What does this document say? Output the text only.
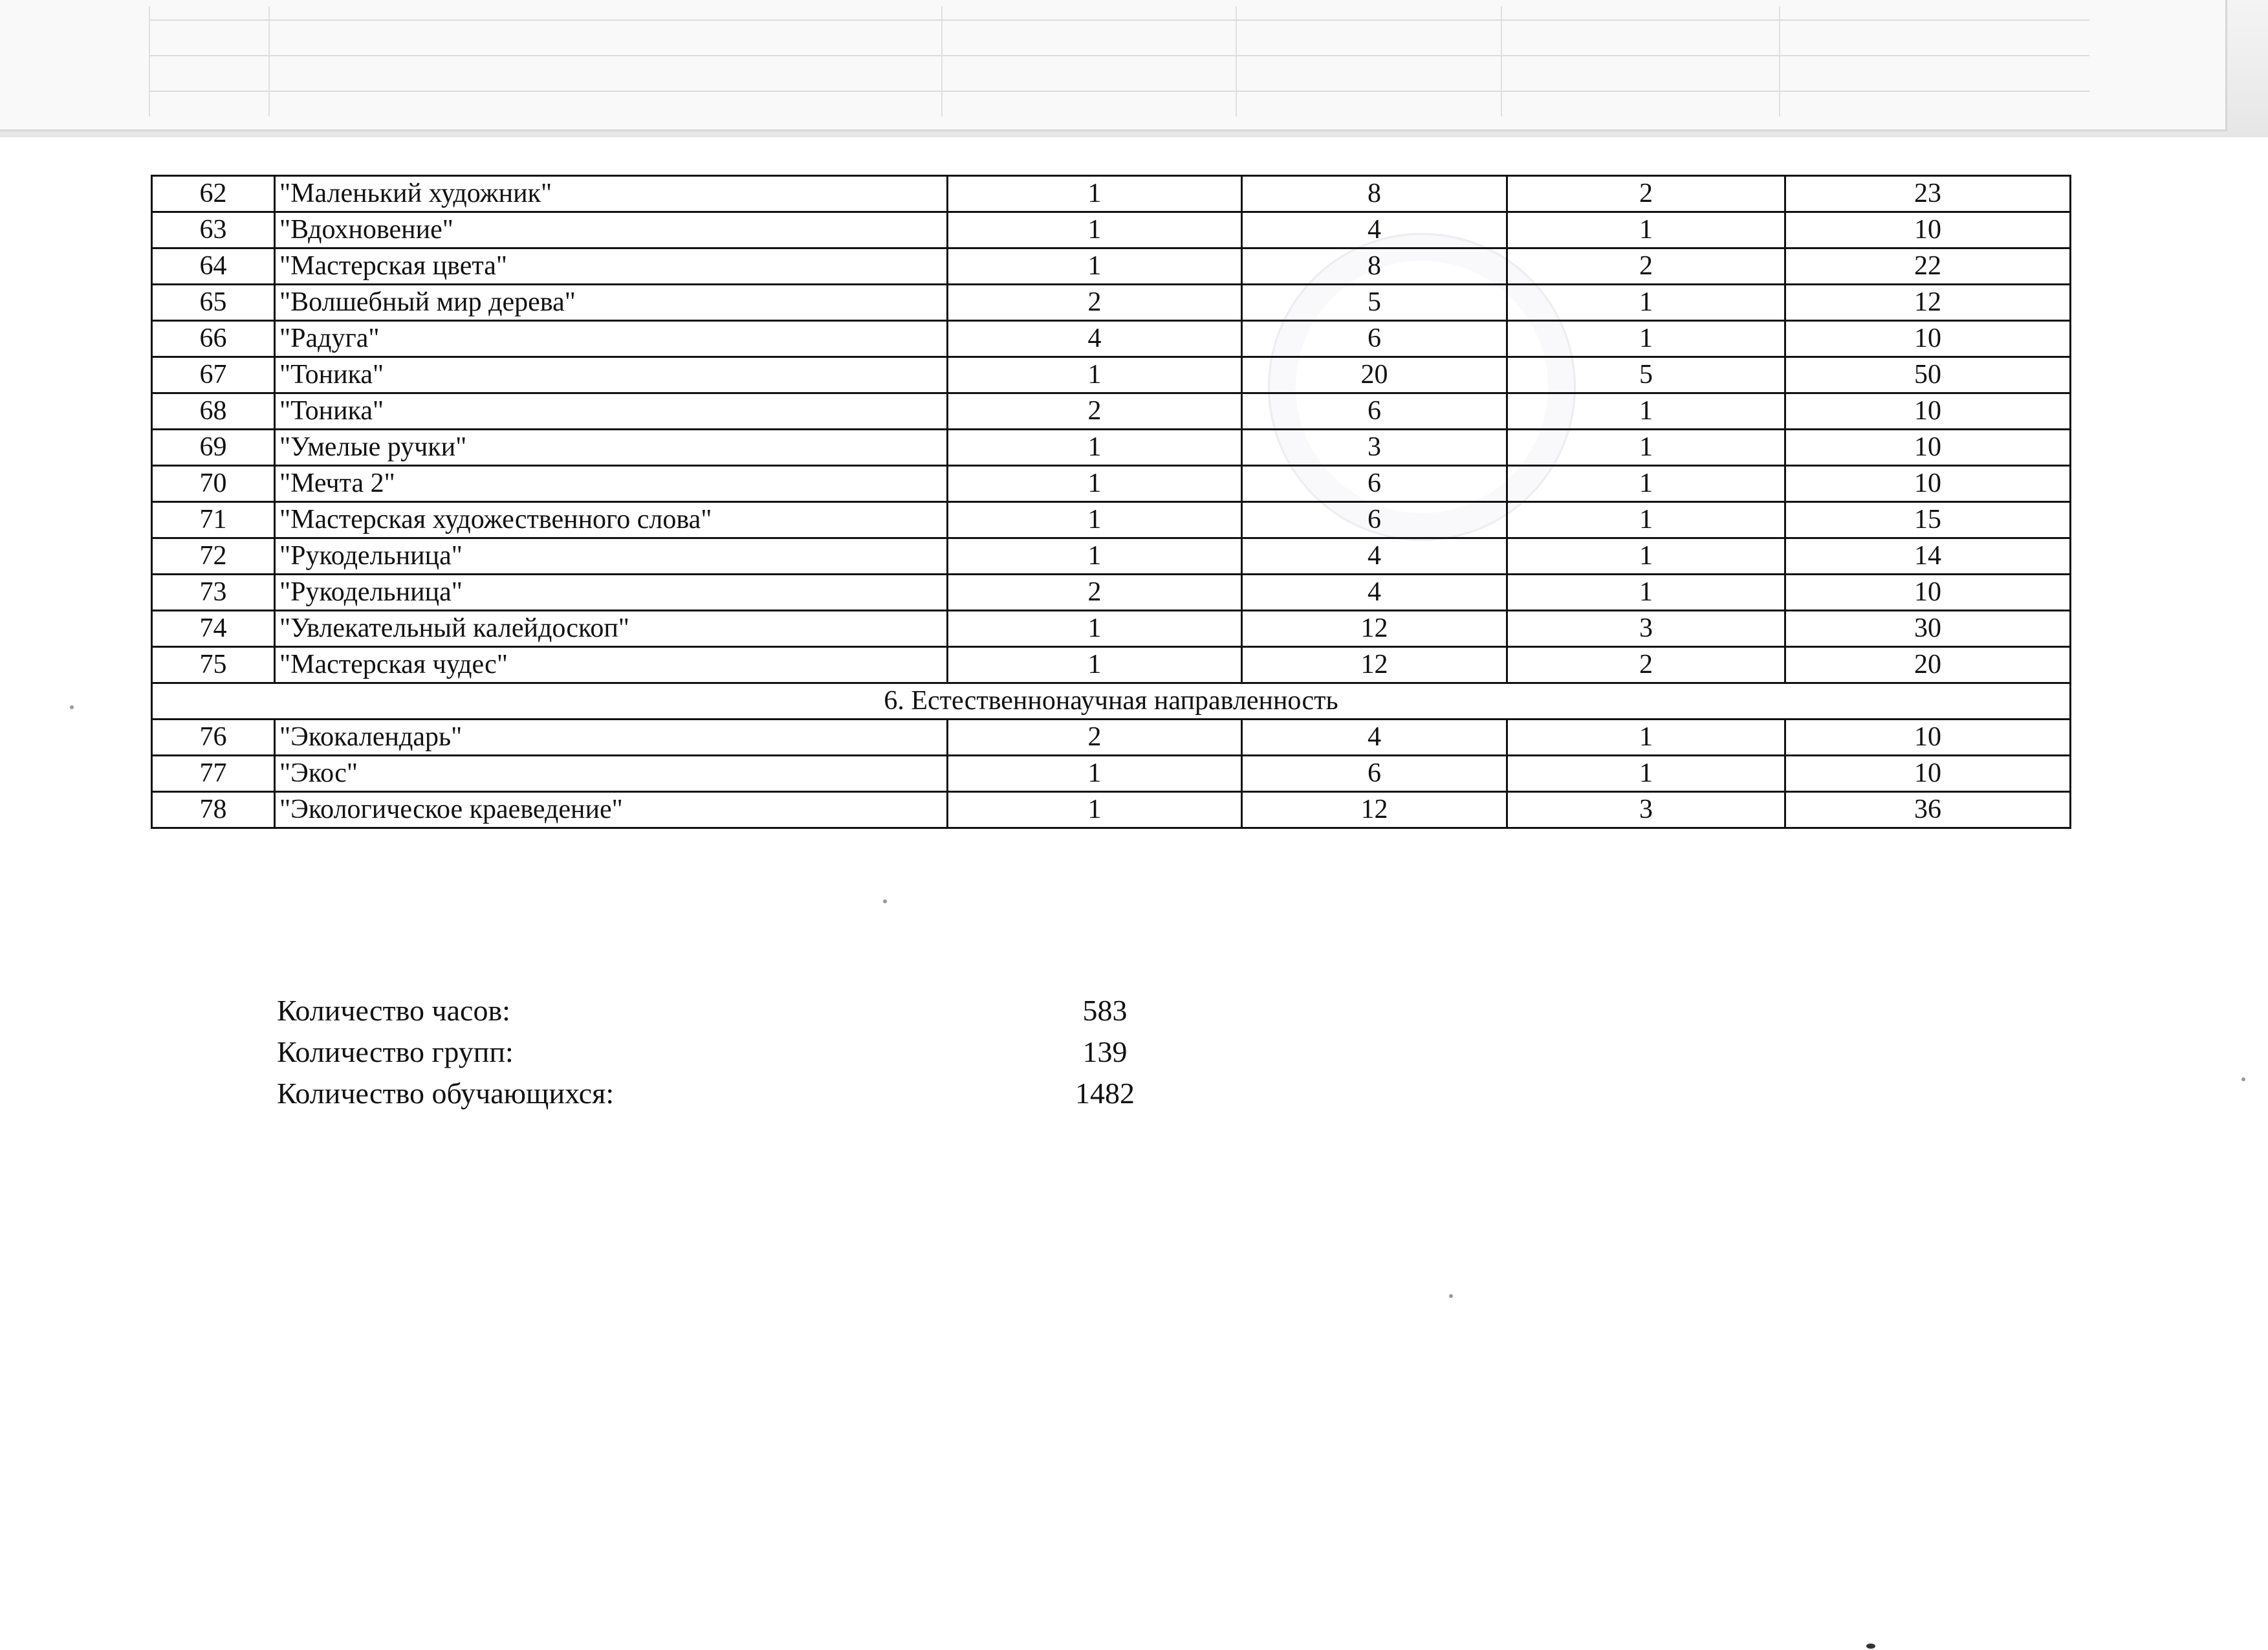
62	"Маленький художник"	1	8	2	23
63	"Вдохновение"	1	4	1	10
64	"Мастерская цвета"	1	8	2	22
65	"Волшебный мир дерева"	2	5	1	12
66	"Радуга"	4	6	1	10
67	"Тоника"	1	20	5	50
68	"Тоника"	2	6	1	10
69	"Умелые ручки"	1	3	1	10
70	"Мечта 2"	1	6	1	10
71	"Мастерская художественного слова"	1	6	1	15
72	"Рукодельница"	1	4	1	14
73	"Рукодельница"	2	4	1	10
74	"Увлекательный калейдоскоп"	1	12	3	30
75	"Мастерская чудес"	1	12	2	20
6. Естественнонаучная направленность					
76	"Экокалендарь"	2	4	1	10
77	"Экос"	1	6	1	10
78	"Экологическое краеведение"	1	12	3	36
Количество часов:	583
Количество групп:	139
Количество обучающихся:	1482
